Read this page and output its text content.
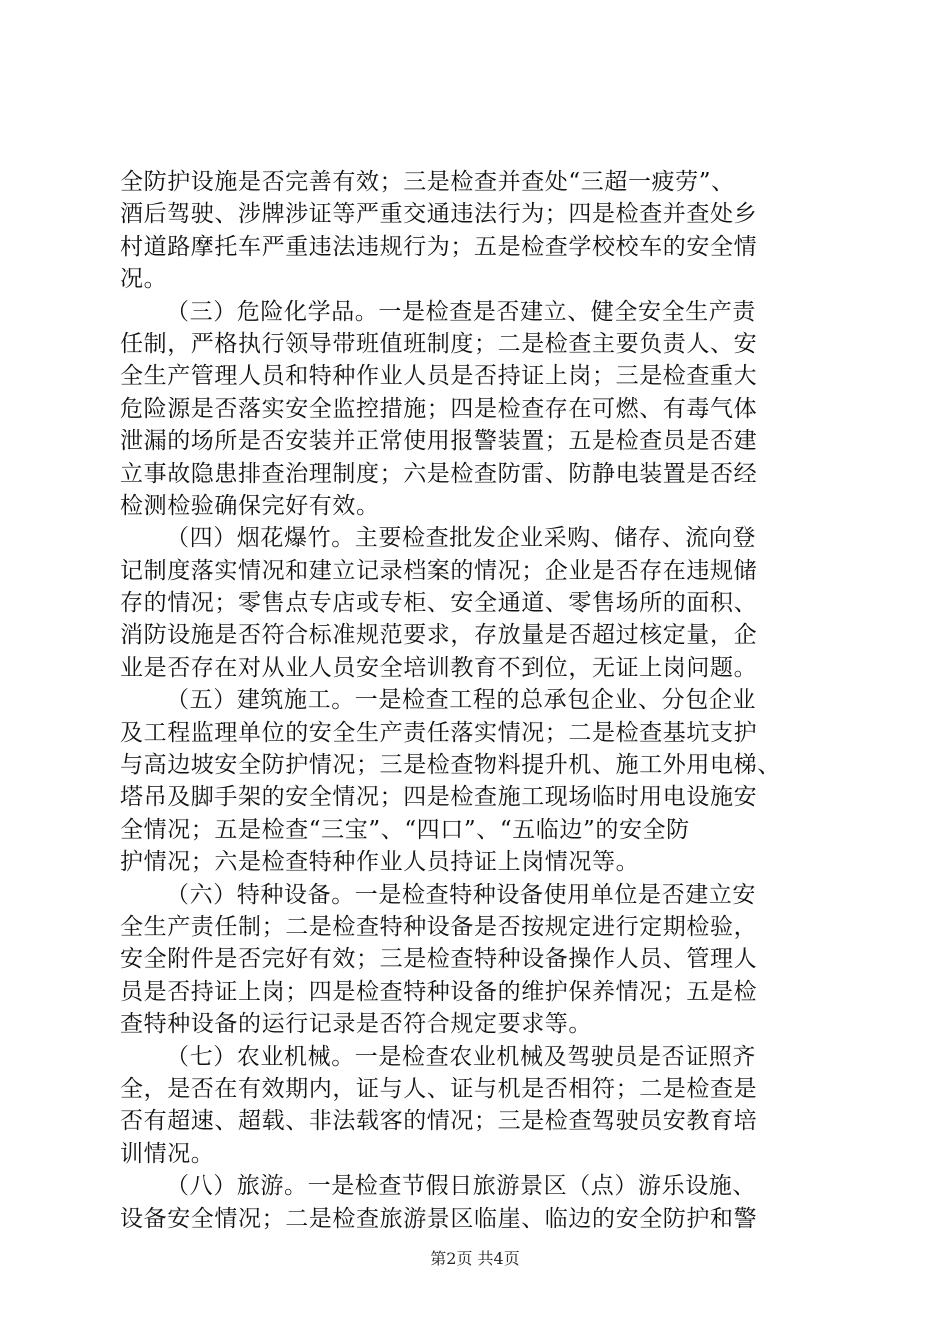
全防护设施是否完善有效；三是检查并查处“三超一疲劳”、
酒后驾驶、涉牌涉证等严重交通违法行为；四是检查并查处乡
村道路摩托车严重违法违规行为；五是检查学校校车的安全情
况。
（三）危险化学品。一是检查是否建立、健全安全生产责
任制，严格执行领导带班值班制度；二是检查主要负责人、安
全生产管理人员和特种作业人员是否持证上岗；三是检查重大
危险源是否落实安全监控措施；四是检查存在可燃、有毒气体
泄漏的场所是否安装并正常使用报警装置；五是检查员是否建
立事故隐患排查治理制度；六是检查防雷、防静电装置是否经
检测检验确保完好有效。
（四）烟花爆竹。主要检查批发企业采购、储存、流向登
记制度落实情况和建立记录档案的情况；企业是否存在违规储
存的情况；零售点专店或专柜、安全通道、零售场所的面积、
消防设施是否符合标准规范要求，存放量是否超过核定量，企
业是否存在对从业人员安全培训教育不到位，无证上岗问题。
（五）建筑施工。一是检查工程的总承包企业、分包企业
及工程监理单位的安全生产责任落实情况；二是检查基坑支护
与高边坡安全防护情况；三是检查物料提升机、施工外用电梯、
塔吊及脚手架的安全情况；四是检查施工现场临时用电设施安
全情况；五是检查“三宝”、“四口”、“五临边”的安全防
护情况；六是检查特种作业人员持证上岗情况等。
（六）特种设备。一是检查特种设备使用单位是否建立安
全生产责任制；二是检查特种设备是否按规定进行定期检验，
安全附件是否完好有效；三是检查特种设备操作人员、管理人
员是否持证上岗；四是检查特种设备的维护保养情况；五是检
查特种设备的运行记录是否符合规定要求等。
（七）农业机械。一是检查农业机械及驾驶员是否证照齐
全，是否在有效期内，证与人、证与机是否相符；二是检查是
否有超速、超载、非法载客的情况；三是检查驾驶员安教育培
训情况。
（八）旅游。一是检查节假日旅游景区（点）游乐设施、
设备安全情况；二是检查旅游景区临崖、临边的安全防护和警
第2页 共4页
